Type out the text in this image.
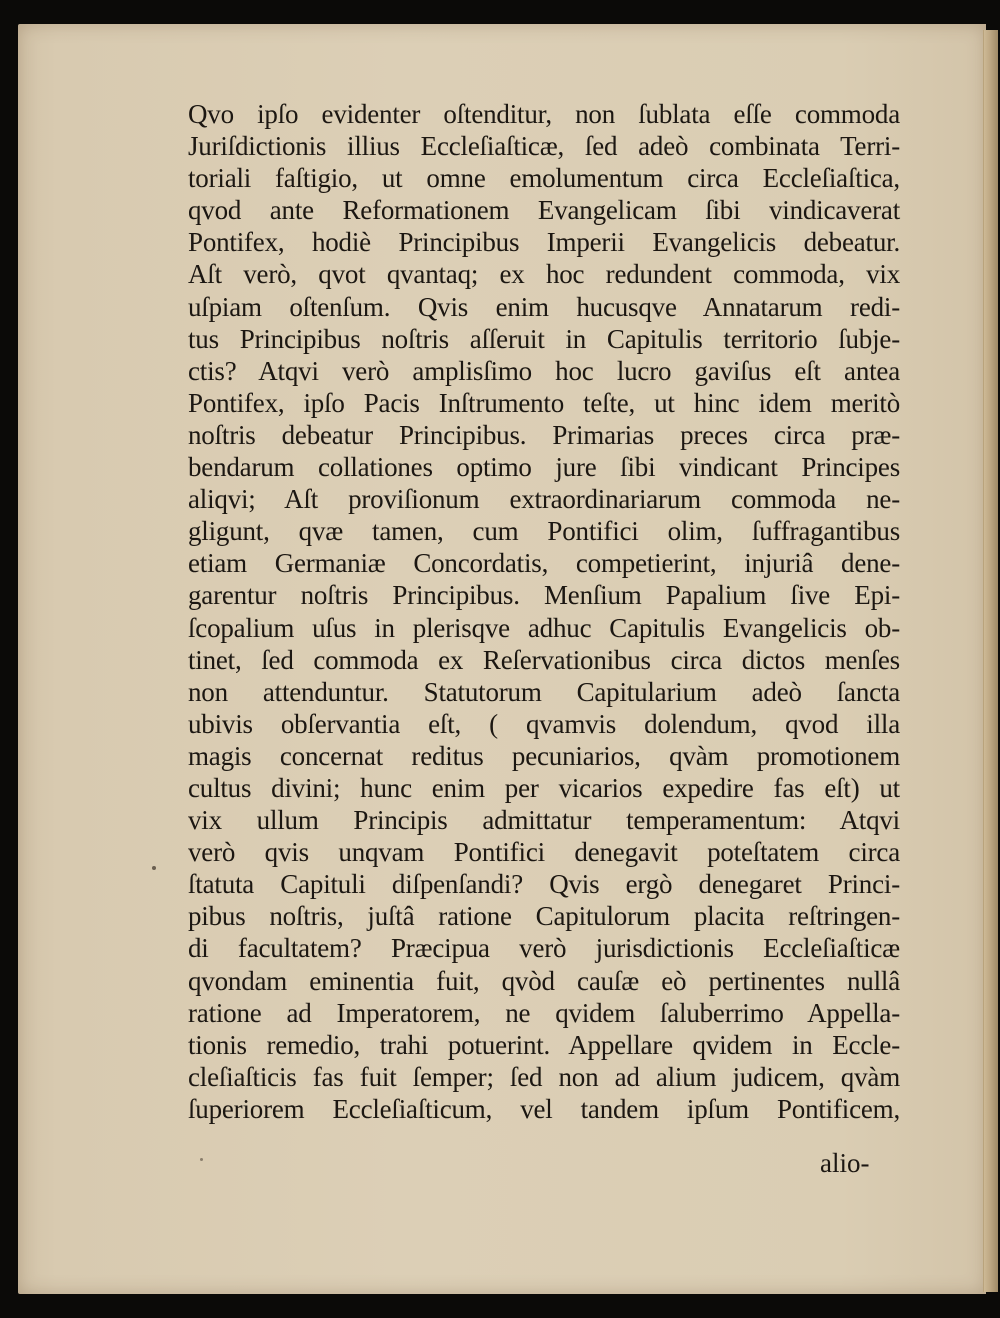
Qvo ipſo evidenter oſtenditur, non ſublata eſſe commoda
Juriſdictionis illius Eccleſiaſticæ, ſed adeò combinata Terri-
toriali faſtigio, ut omne emolumentum circa Eccleſiaſtica,
qvod ante Reformationem Evangelicam ſibi vindicaverat
Pontifex, hodiè Principibus Imperii Evangelicis debeatur.
Aſt verò, qvot qvantaq; ex hoc redundent commoda, vix
uſpiam oſtenſum. Qvis enim hucusqve Annatarum redi-
tus Principibus noſtris aſſeruit in Capitulis territorio ſubje-
ctis? Atqvi verò amplisſimo hoc lucro gaviſus eſt antea
Pontifex, ipſo Pacis Inſtrumento teſte, ut hinc idem meritò
noſtris debeatur Principibus. Primarias preces circa præ-
bendarum collationes optimo jure ſibi vindicant Principes
aliqvi; Aſt proviſionum extraordinariarum commoda ne-
gligunt, qvæ tamen, cum Pontifici olim, ſuffragantibus
etiam Germaniæ Concordatis, competierint, injuriâ dene-
garentur noſtris Principibus. Menſium Papalium ſive Epi-
ſcopalium uſus in plerisqve adhuc Capitulis Evangelicis ob-
tinet, ſed commoda ex Reſervationibus circa dictos menſes
non attenduntur. Statutorum Capitularium adeò ſancta
ubivis obſervantia eſt, ( qvamvis dolendum, qvod illa
magis concernat reditus pecuniarios, qvàm promotionem
cultus divini; hunc enim per vicarios expedire fas eſt) ut
vix ullum Principis admittatur temperamentum: Atqvi
verò qvis unqvam Pontifici denegavit poteſtatem circa
ſtatuta Capituli diſpenſandi? Qvis ergò denegaret Princi-
pibus noſtris, juſtâ ratione Capitulorum placita reſtringen-
di facultatem? Præcipua verò jurisdictionis Eccleſiaſticæ
qvondam eminentia fuit, qvòd cauſæ eò pertinentes nullâ
ratione ad Imperatorem, ne qvidem ſaluberrimo Appella-
tionis remedio, trahi potuerint. Appellare qvidem in Eccle-
cleſiaſticis fas fuit ſemper; ſed non ad alium judicem, qvàm
ſuperiorem Eccleſiaſticum, vel tandem ipſum Pontificem,
alio-
